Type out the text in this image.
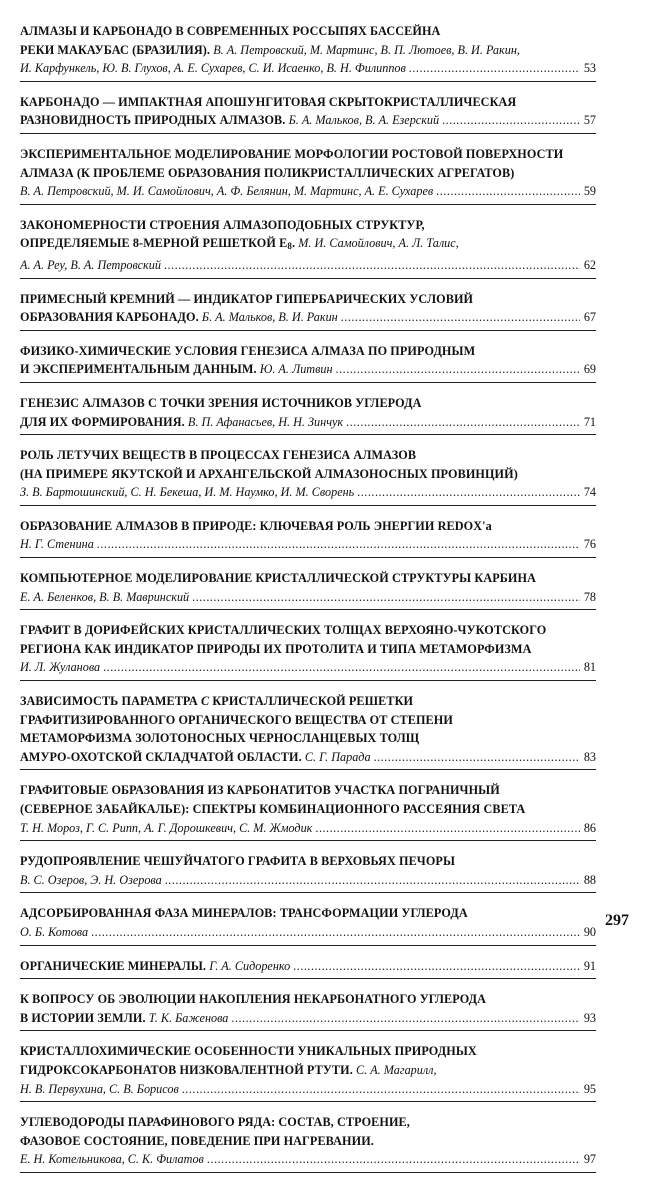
АЛМАЗЫ И КАРБОНАДО В СОВРЕМЕННЫХ РОССЫПЯХ БАССЕЙНА
РЕКИ МАКАУБАС (БРАЗИЛИЯ). В. А. Петровский, М. Мартинс, В. П. Лютоев, В. И. Ракин,
И. Карфункель, Ю. В. Глухов, А. Е. Сухарев, С. И. Исаенко, В. Н. Филиппов .....	53
КАРБОНАДО — ИМПАКТНАЯ АПОШУНГИТОВАЯ СКРЫТОКРИСТАЛЛИЧЕСКАЯ
РАЗНОВИДНОСТЬ ПРИРОДНЫХ АЛМАЗОВ. Б. А. Мальков, В. А. Езерский .....	57
ЭКСПЕРИМЕНТАЛЬНОЕ МОДЕЛИРОВАНИЕ МОРФОЛОГИИ РОСТОВОЙ ПОВЕРХНОСТИ
АЛМАЗА (К ПРОБЛЕМЕ ОБРАЗОВАНИЯ ПОЛИКРИСТАЛЛИЧЕСКИХ АГРЕГАТОВ)
В. А. Петровский, М. И. Самойлович, А. Ф. Белянин, М. Мартинс, А. Е. Сухарев .....	59
ЗАКОНОМЕРНОСТИ СТРОЕНИЯ АЛМАЗОПОДОБНЫХ СТРУКТУР,
ОПРЕДЕЛЯЕМЫЕ 8-МЕРНОЙ РЕШЕТКОЙ $E_8$. М. И. Самойлович, А. Л. Талис,
А. А. Реу, В. А. Петровский .....	62
ПРИМЕСНЫЙ КРЕМНИЙ — ИНДИКАТОР ГИПЕРБАРИЧЕСКИХ УСЛОВИЙ
ОБРАЗОВАНИЯ КАРБОНАДО. Б. А. Мальков, В. И. Ракин .....	67
ФИЗИКО-ХИМИЧЕСКИЕ УСЛОВИЯ ГЕНЕЗИСА АЛМАЗА ПО ПРИРОДНЫМ
И ЭКСПЕРИМЕНТАЛЬНЫМ ДАННЫМ. Ю. А. Литвин .....	69
ГЕНЕЗИС АЛМАЗОВ С ТОЧКИ ЗРЕНИЯ ИСТОЧНИКОВ УГЛЕРОДА
ДЛЯ ИХ ФОРМИРОВАНИЯ. В. П. Афанасьев, Н. Н. Зинчук .....	71
РОЛЬ ЛЕТУЧИХ ВЕЩЕСТВ В ПРОЦЕССАХ ГЕНЕЗИСА АЛМАЗОВ
(НА ПРИМЕРЕ ЯКУТСКОЙ И АРХАНГЕЛЬСКОЙ АЛМАЗОНОСНЫХ ПРОВИНЦИЙ)
З. В. Бартошинский, С. Н. Бекеша, И. М. Наумко, И. М. Сворень .....	74
ОБРАЗОВАНИЕ АЛМАЗОВ В ПРИРОДЕ: КЛЮЧЕВАЯ РОЛЬ ЭНЕРГИИ REDOX'а
Н. Г. Стенина .....	76
КОМПЬЮТЕРНОЕ МОДЕЛИРОВАНИЕ КРИСТАЛЛИЧЕСКОЙ СТРУКТУРЫ КАРБИНА
Е. А. Беленков, В. В. Мавринский .....	78
ГРАФИТ В ДОРИФЕЙСКИХ КРИСТАЛЛИЧЕСКИХ ТОЛЩАХ ВЕРХОЯНО-ЧУКОТСКОГО
РЕГИОНА КАК ИНДИКАТОР ПРИРОДЫ ИХ ПРОТОЛИТА И ТИПА МЕТАМОРФИЗМА
И. Л. Жуланова .....	81
ЗАВИСИМОСТЬ ПАРАМЕТРА С КРИСТАЛЛИЧЕСКОЙ РЕШЕТКИ
ГРАФИТИЗИРОВАННОГО ОРГАНИЧЕСКОГО ВЕЩЕСТВА ОТ СТЕПЕНИ
МЕТАМОРФИЗМА ЗОЛОТОНОСНЫХ ЧЕРНОСЛАНЦЕВЫХ ТОЛЩ
АМУРО-ОХОТСКОЙ СКЛАДЧАТОЙ ОБЛАСТИ. С. Г. Парада .....	83
ГРАФИТОВЫЕ ОБРАЗОВАНИЯ ИЗ КАРБОНАТИТОВ УЧАСТКА ПОГРАНИЧНЫЙ
(СЕВЕРНОЕ ЗАБАЙКАЛЬЕ): СПЕКТРЫ КОМБИНАЦИОННОГО РАССЕЯНИЯ СВЕТА
Т. Н. Мороз, Г. С. Рипп, А. Г. Дорошкевич, С. М. Жмодик .....	86
РУДОПРОЯВЛЕНИЕ ЧЕШУЙЧАТОГО ГРАФИТА В ВЕРХОВЬЯХ ПЕЧОРЫ
В. С. Озеров, Э. Н. Озерова .....	88
АДСОРБИРОВАННАЯ ФАЗА МИНЕРАЛОВ: ТРАНСФОРМАЦИИ УГЛЕРОДА
О. Б. Котова .....	90
ОРГАНИЧЕСКИЕ МИНЕРАЛЫ. Г. А. Сидоренко .....	91
К ВОПРОСУ ОБ ЭВОЛЮЦИИ НАКОПЛЕНИЯ НЕКАРБОНАТНОГО УГЛЕРОДА
В ИСТОРИИ ЗЕМЛИ. Т. К. Баженова .....	93
КРИСТАЛЛОХИМИЧЕСКИЕ ОСОБЕННОСТИ УНИКАЛЬНЫХ ПРИРОДНЫХ
ГИДРОКСОКАРБОНАТОВ НИЗКОВАЛЕНТНОЙ РТУТИ. С. А. Магарилл,
Н. В. Первухина, С. В. Борисов .....	95
УГЛЕВОДОРОДЫ ПАРАФИНОВОГО РЯДА: СОСТАВ, СТРОЕНИЕ,
ФАЗОВОЕ СОСТОЯНИЕ, ПОВЕДЕНИЕ ПРИ НАГРЕВАНИИ.
Е. Н. Котельникова, С. К. Филатов .....	97
297
